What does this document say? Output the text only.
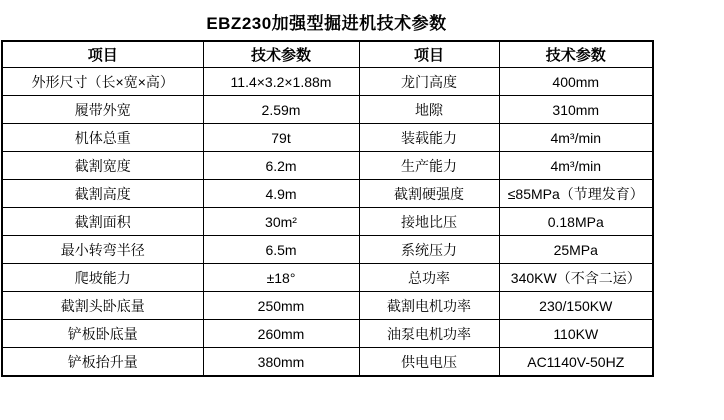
EBZ230加强型掘进机技术参数
项目	技术参数	项目	技术参数
外形尺寸（长×宽×高）	11.4×3.2×1.88m	龙门高度	400mm
履带外宽	2.59m	地隙	310mm
机体总重	79t	装载能力	4m³/min
截割宽度	6.2m	生产能力	4m³/min
截割高度	4.9m	截割硬强度	≤85MPa（节理发育）
截割面积	30m²	接地比压	0.18MPa
最小转弯半径	6.5m	系统压力	25MPa
爬坡能力	±18°	总功率	340KW（不含二运）
截割头卧底量	250mm	截割电机功率	230/150KW
铲板卧底量	260mm	油泵电机功率	110KW
铲板抬升量	380mm	供电电压	AC1140V-50HZ
